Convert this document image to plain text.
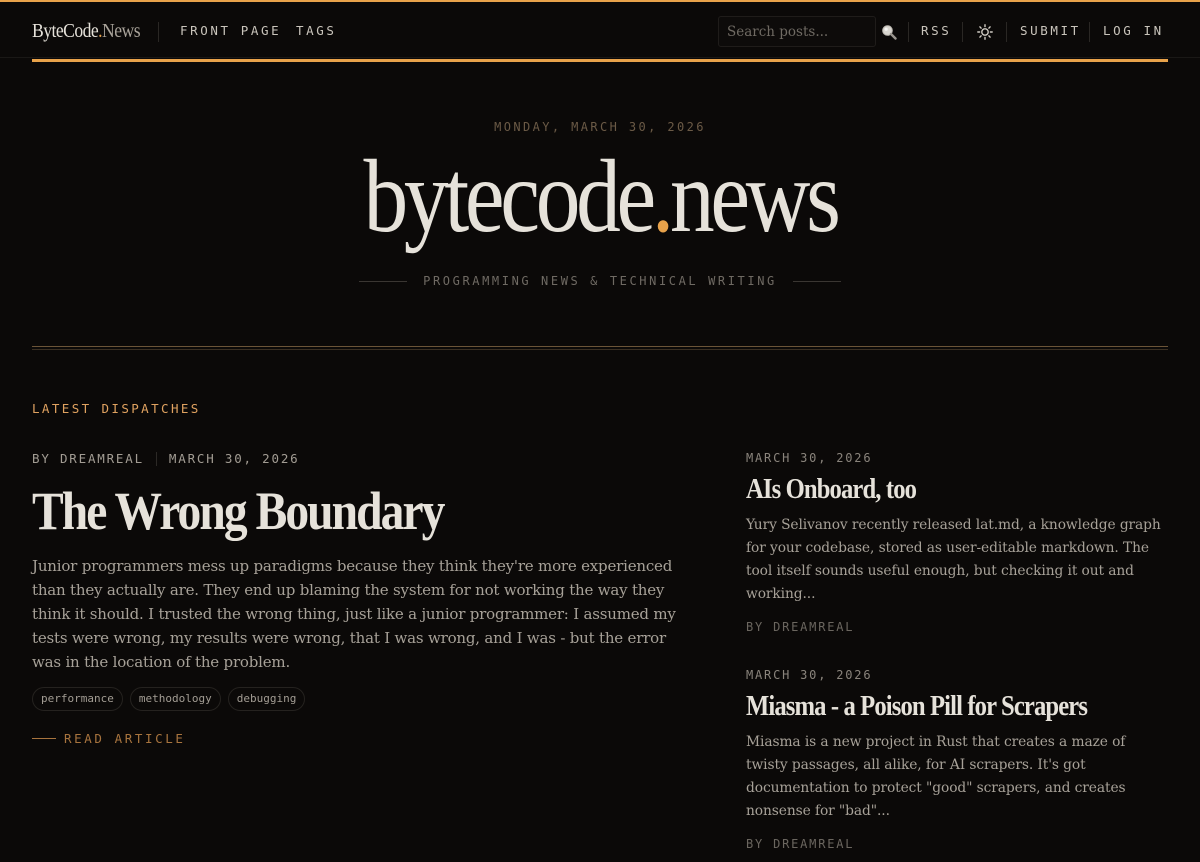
ByteCode.News	FRONT PAGE TAGS
Search posts...	RSS	SUBMIT LOG IN
MONDAY, MARCH 30, 2026
bytecode.news
PROGRAMMING NEWS & TECHNICAL WRITING
LATEST DISPATCHES
BY DREAMREAL MARCH 30, 2026
The Wrong Boundary

Junior programmers mess up paradigms because they think they're more experienced than they actually are. They end up blaming the system for not working the way they think it should. I trusted the wrong thing, just like a junior programmer: I assumed my tests were wrong, my results were wrong, that I was wrong, and I was - but the error was in the location of the problem.

performance	methodology	debugging
READ ARTICLE
MARCH 30, 2026
AIs Onboard, too

Yury Selivanov recently released lat.md, a knowledge graph for your codebase, stored as user-editable markdown. The tool itself sounds useful enough, but checking it out and working...

BY DREAMREAL
MARCH 30, 2026
Miasma - a Poison Pill for Scrapers

Miasma is a new project in Rust that creates a maze of twisty passages, all alike, for AI scrapers. It's got documentation to protect "good" scrapers, and creates nonsense for "bad"...

BY DREAMREAL
